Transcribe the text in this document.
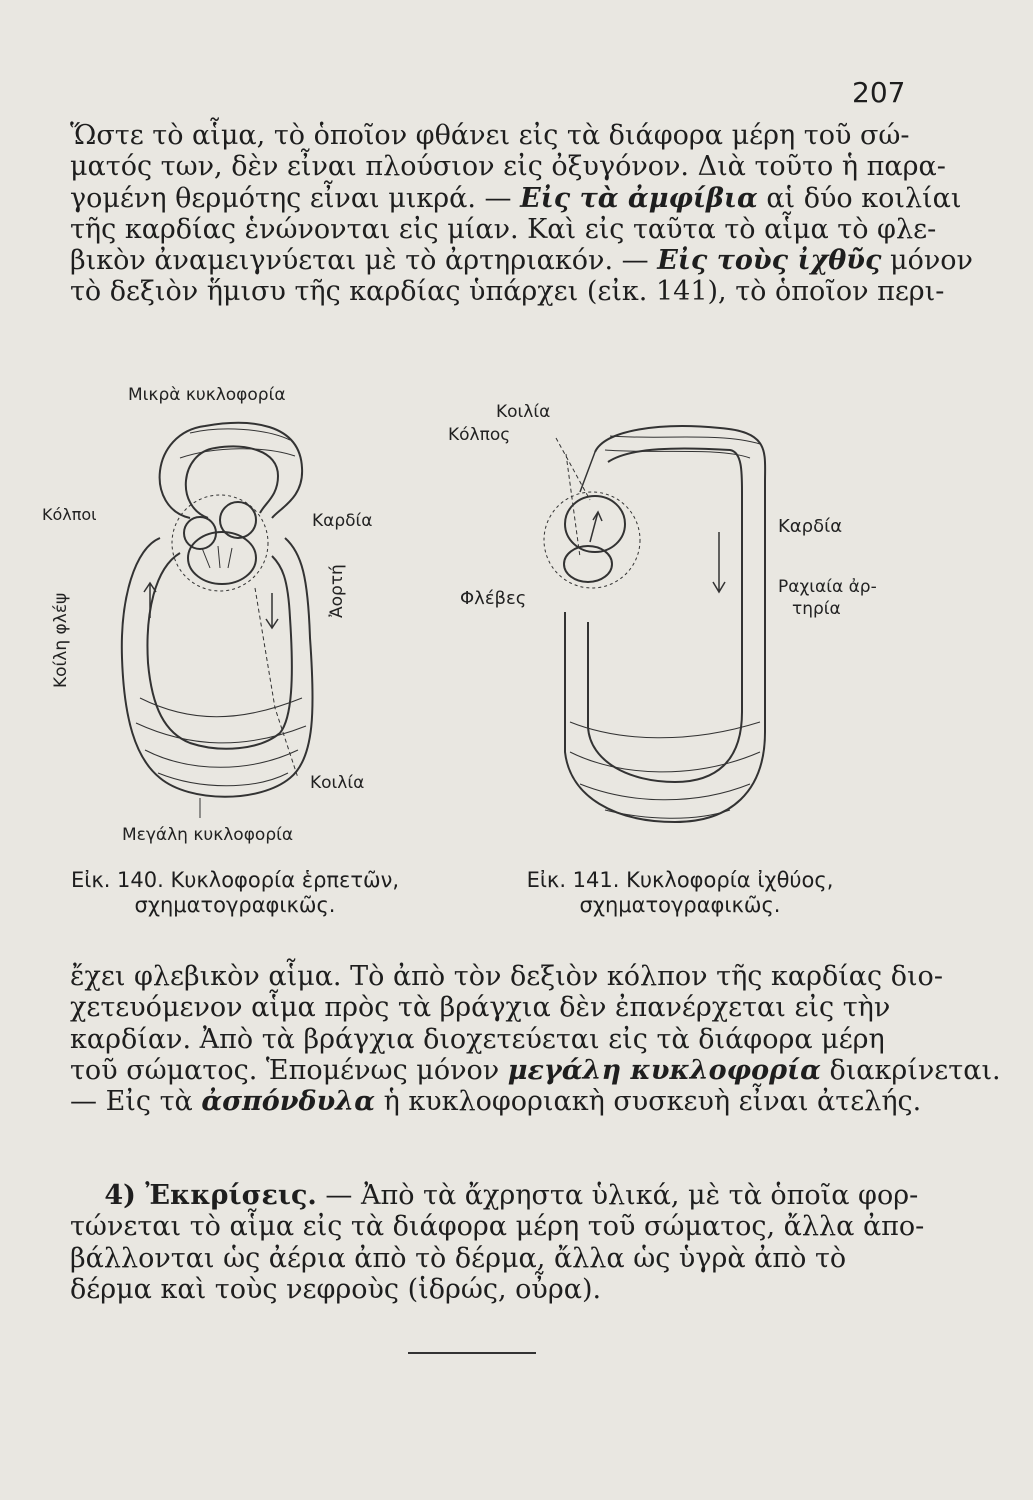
207

Ὥστε τὸ αἷμα, τὸ ὁποῖον φθάνει εἰς τὰ διάφορα μέρη τοῦ σώ-
ματός των, δὲν εἶναι πλούσιον εἰς ὀξυγόνον. Διὰ τοῦτο ἡ παρα-
γομένη θερμότης εἶναι μικρά. — Εἰς τὰ ἀμφίβια αἱ δύο κοιλίαι
τῆς καρδίας ἑνώνονται εἰς μίαν. Καὶ εἰς ταῦτα τὸ αἷμα τὸ φλε-
βικὸν ἀναμειγνύεται μὲ τὸ ἀρτηριακόν. — Εἰς τοὺς ἰχθῦς μόνον
τὸ δεξιὸν ἥμισυ τῆς καρδίας ὑπάρχει (εἰκ. 141), τὸ ὁποῖον περι-

Μικρὰ κυκλοφορία
Κόλποι	Καρδία
Κοίλη φλέψ
Ἀορτή
Κοιλία
Μεγάλη κυκλοφορία
Κοιλία
Κόλπος
Καρδία
Φλέβες
Ραχιαία ἀρ-
τηρία
Εἰκ. 140. Κυκλοφορία ἑρπετῶν,
σχηματογραφικῶς.
Εἰκ. 141. Κυκλοφορία ἰχθύος,
σχηματογραφικῶς.

ἔχει φλεβικὸν αἷμα. Τὸ ἀπὸ τὸν δεξιὸν κόλπον τῆς καρδίας διο-
χετευόμενον αἷμα πρὸς τὰ βράγχια δὲν ἐπανέρχεται εἰς τὴν
καρδίαν. Ἀπὸ τὰ βράγχια διοχετεύεται εἰς τὰ διάφορα μέρη
τοῦ σώματος. Ἑπομένως μόνον μεγάλη κυκλοφορία διακρίνεται.
— Εἰς τὰ ἀσπόνδυλα ἡ κυκλοφοριακὴ συσκευὴ εἶναι ἀτελής.

4) Ἐκκρίσεις. — Ἀπὸ τὰ ἄχρηστα ὑλικά, μὲ τὰ ὁποῖα φορ-
τώνεται τὸ αἷμα εἰς τὰ διάφορα μέρη τοῦ σώματος, ἄλλα ἀπο-
βάλλονται ὡς ἀέρια ἀπὸ τὸ δέρμα, ἄλλα ὡς ὑγρὰ ἀπὸ τὸ
δέρμα καὶ τοὺς νεφροὺς (ἱδρώς, οὖρα).
